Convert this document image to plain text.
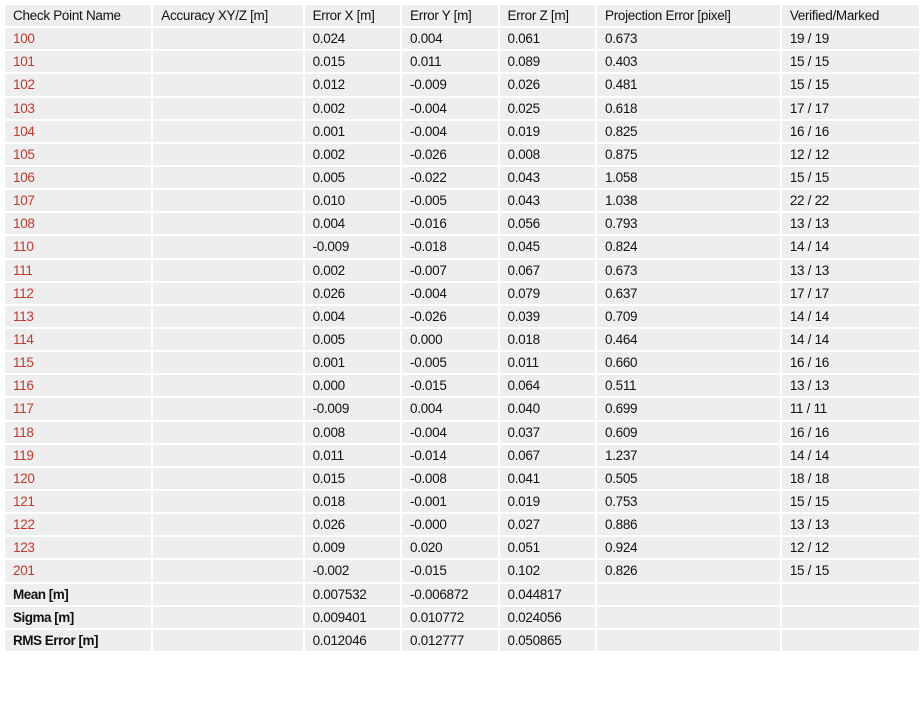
Check Point Name	Accuracy XY/Z [m]	Error X [m]	Error Y [m]	Error Z [m]	Projection Error [pixel]	Verified/Marked
100		0.024	0.004	0.061	0.673	19 / 19
101		0.015	0.011	0.089	0.403	15 / 15
102		0.012	-0.009	0.026	0.481	15 / 15
103		0.002	-0.004	0.025	0.618	17 / 17
104		0.001	-0.004	0.019	0.825	16 / 16
105		0.002	-0.026	0.008	0.875	12 / 12
106		0.005	-0.022	0.043	1.058	15 / 15
107		0.010	-0.005	0.043	1.038	22 / 22
108		0.004	-0.016	0.056	0.793	13 / 13
110		-0.009	-0.018	0.045	0.824	14 / 14
111		0.002	-0.007	0.067	0.673	13 / 13
112		0.026	-0.004	0.079	0.637	17 / 17
113		0.004	-0.026	0.039	0.709	14 / 14
114		0.005	0.000	0.018	0.464	14 / 14
115		0.001	-0.005	0.011	0.660	16 / 16
116		0.000	-0.015	0.064	0.511	13 / 13
117		-0.009	0.004	0.040	0.699	11 / 11
118		0.008	-0.004	0.037	0.609	16 / 16
119		0.011	-0.014	0.067	1.237	14 / 14
120		0.015	-0.008	0.041	0.505	18 / 18
121		0.018	-0.001	0.019	0.753	15 / 15
122		0.026	-0.000	0.027	0.886	13 / 13
123		0.009	0.020	0.051	0.924	12 / 12
201		-0.002	-0.015	0.102	0.826	15 / 15
Mean [m]		0.007532	-0.006872	0.044817		
Sigma [m]		0.009401	0.010772	0.024056		
RMS Error [m]		0.012046	0.012777	0.050865		
